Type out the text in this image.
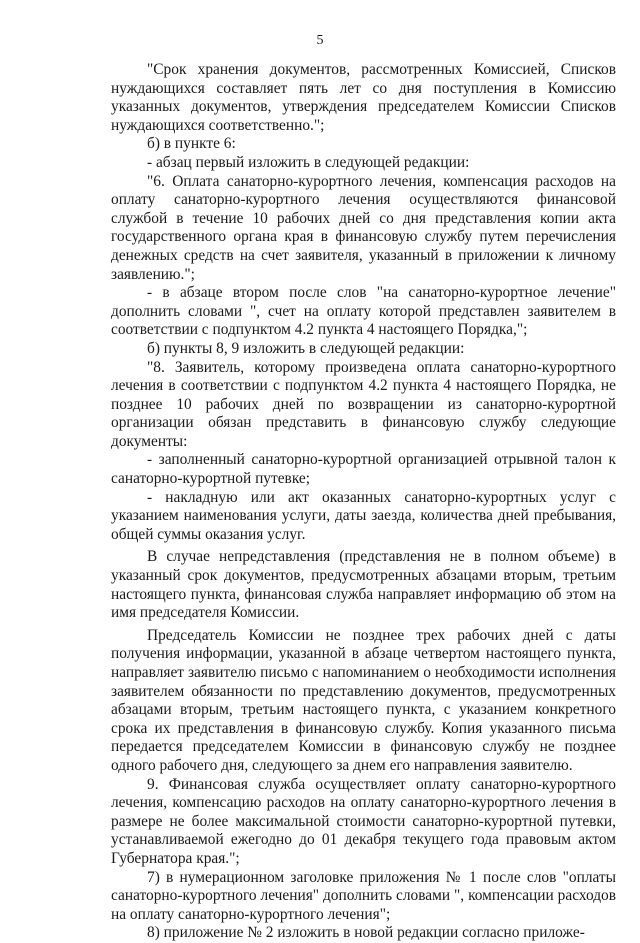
5

"Срок хранения документов, рассмотренных Комиссией, Списков нуждающихся составляет пять лет со дня поступления в Комиссию указанных документов, утверждения председателем Комиссии Списков нуждающихся соответственно.";

б) в пункте 6:

- абзац первый изложить в следующей редакции:

"6. Оплата санаторно-курортного лечения, компенсация расходов на оплату санаторно-курортного лечения осуществляются финансовой службой в течение 10 рабочих дней со дня представления копии акта государственного органа края в финансовую службу путем перечисления денежных средств на счет заявителя, указанный в приложении к личному заявлению.";

- в абзаце втором после слов "на санаторно-курортное лечение" дополнить словами ", счет на оплату которой представлен заявителем в соответствии с подпунктом 4.2 пункта 4 настоящего Порядка,";

б) пункты 8, 9 изложить в следующей редакции:

"8. Заявитель, которому произведена оплата санаторно-курортного лечения в соответствии с подпунктом 4.2 пункта 4 настоящего Порядка, не позднее 10 рабочих дней по возвращении из санаторно-курортной организации обязан представить в финансовую службу следующие документы:

- заполненный санаторно-курортной организацией отрывной талон к санаторно-курортной путевке;

- накладную или акт оказанных санаторно-курортных услуг с указанием наименования услуги, даты заезда, количества дней пребывания, общей суммы оказания услуг.

В случае непредставления (представления не в полном объеме) в указанный срок документов, предусмотренных абзацами вторым, третьим настоящего пункта, финансовая служба направляет информацию об этом на имя председателя Комиссии.

Председатель Комиссии не позднее трех рабочих дней с даты получения информации, указанной в абзаце четвертом настоящего пункта, направляет заявителю письмо с напоминанием о необходимости исполнения заявителем обязанности по представлению документов, предусмотренных абзацами вторым, третьим настоящего пункта, с указанием конкретного срока их представления в финансовую службу. Копия указанного письма передается председателем Комиссии в финансовую службу не позднее одного рабочего дня, следующего за днем его направления заявителю.

9. Финансовая служба осуществляет оплату санаторно-курортного лечения, компенсацию расходов на оплату санаторно-курортного лечения в размере не более максимальной стоимости санаторно-курортной путевки, устанавливаемой ежегодно до 01 декабря текущего года правовым актом Губернатора края.";

7) в нумерационном заголовке приложения № 1 после слов "оплаты санаторно-курортного лечения" дополнить словами ", компенсации расходов на оплату санаторно-курортного лечения";

8) приложение № 2 изложить в новой редакции согласно приложе-
